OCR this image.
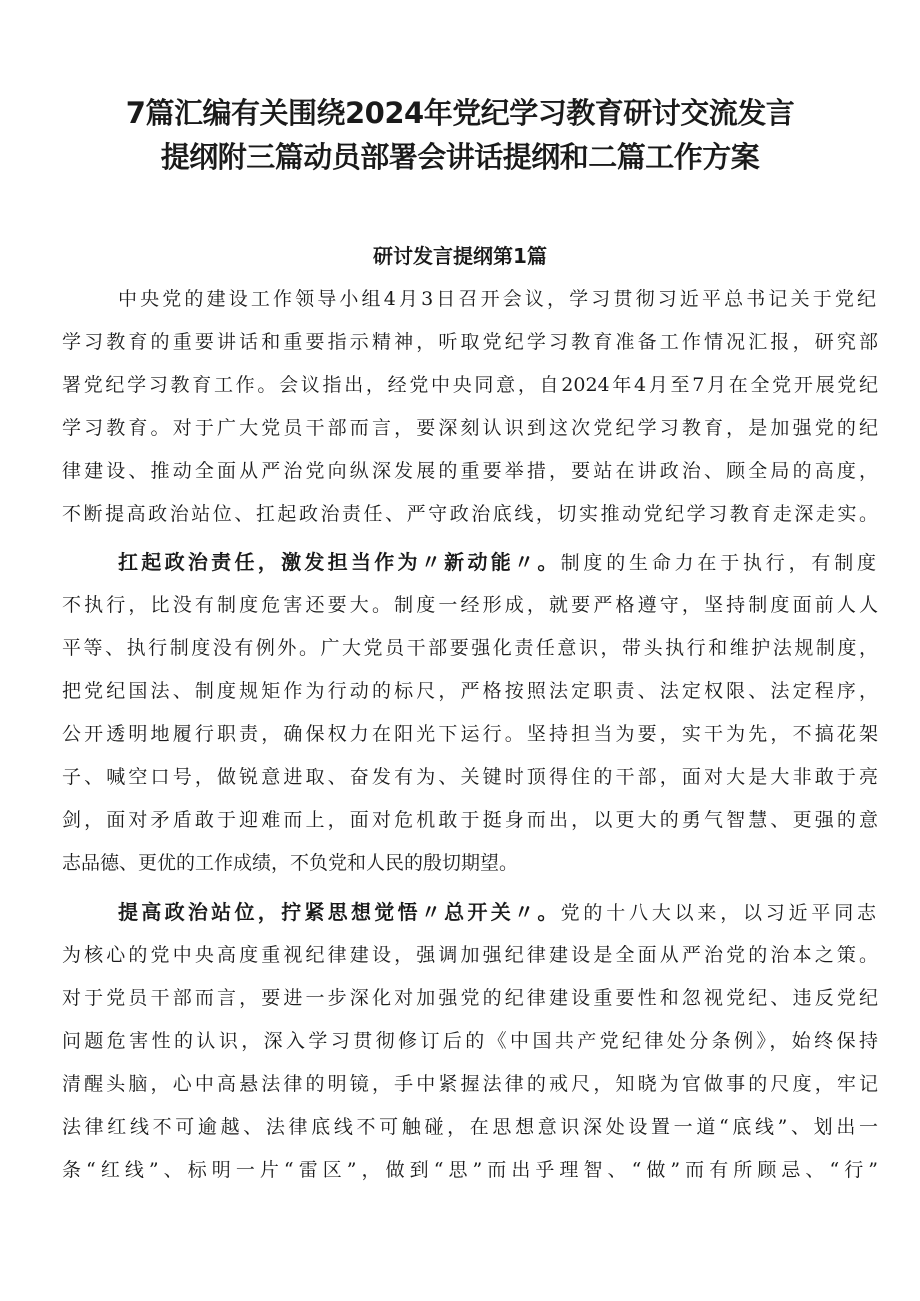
7篇汇编有关围绕2024年党纪学习教育研讨交流发言
提纲附三篇动员部署会讲话提纲和二篇工作方案
研讨发言提纲第1篇

中央党的建设工作领导小组4月3日召开会议，学习贯彻习近平总书记关于党纪

学习教育的重要讲话和重要指示精神，听取党纪学习教育准备工作情况汇报，研究部

署党纪学习教育工作。会议指出，经党中央同意，自2024年4月至7月在全党开展党纪

学习教育。对于广大党员干部而言，要深刻认识到这次党纪学习教育，是加强党的纪

律建设、推动全面从严治党向纵深发展的重要举措，要站在讲政治、顾全局的高度，

不断提高政治站位、扛起政治责任、严守政治底线，切实推动党纪学习教育走深走实。

扛起政治责任，激发担当作为〃新动能〃。制度的生命力在于执行，有制度

不执行，比没有制度危害还要大。制度一经形成，就要严格遵守，坚持制度面前人人

平等、执行制度没有例外。广大党员干部要强化责任意识，带头执行和维护法规制度，

把党纪国法、制度规矩作为行动的标尺，严格按照法定职责、法定权限、法定程序，

公开透明地履行职责，确保权力在阳光下运行。坚持担当为要，实干为先，不搞花架

子、喊空口号，做锐意进取、奋发有为、关键时顶得住的干部，面对大是大非敢于亮

剑，面对矛盾敢于迎难而上，面对危机敢于挺身而出，以更大的勇气智慧、更强的意

志品德、更优的工作成绩，不负党和人民的殷切期望。

提高政治站位，拧紧思想觉悟〃总开关〃。党的十八大以来，以习近平同志

为核心的党中央高度重视纪律建设，强调加强纪律建设是全面从严治党的治本之策。

对于党员干部而言，要进一步深化对加强党的纪律建设重要性和忽视党纪、违反党纪

问题危害性的认识，深入学习贯彻修订后的《中国共产党纪律处分条例》，始终保持

清醒头脑，心中高悬法律的明镜，手中紧握法律的戒尺，知晓为官做事的尺度，牢记

法律红线不可逾越、法律底线不可触碰，在思想意识深处设置一道“底线”、划出一

条“红线”、标明一片“雷区”，做到“思”而出乎理智、“做”而有所顾忌、“行”
